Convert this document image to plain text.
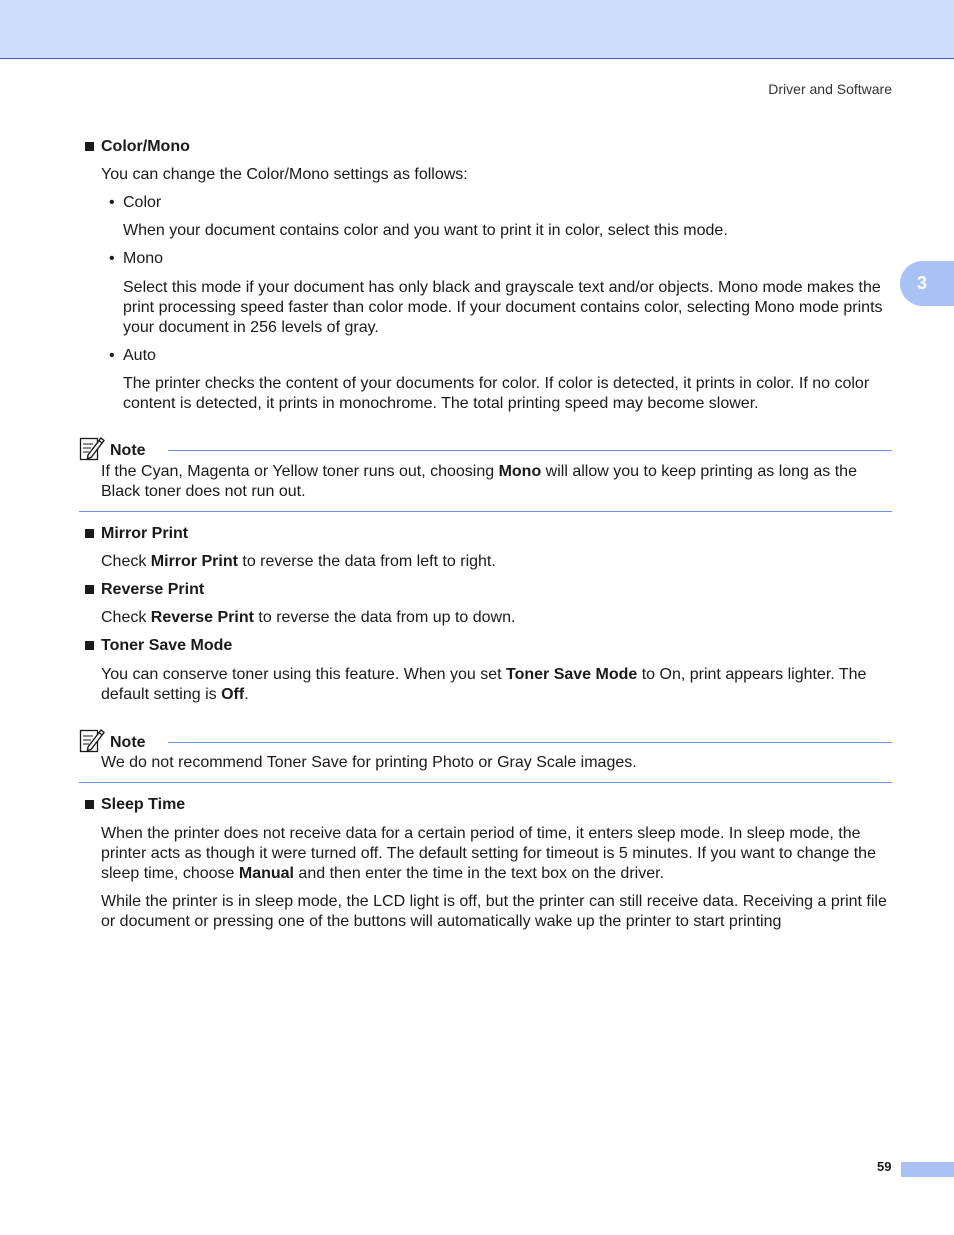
Driver and Software
3
Color/Mono

You can change the Color/Mono settings as follows:

• Color

When your document contains color and you want to print it in color, select this mode.

• Mono

Select this mode if your document has only black and grayscale text and/or objects. Mono mode makes the print processing speed faster than color mode. If your document contains color, selecting Mono mode prints your document in 256 levels of gray.

• Auto

The printer checks the content of your documents for color. If color is detected, it prints in color. If no color content is detected, it prints in monochrome. The total printing speed may become slower.

Note

If the Cyan, Magenta or Yellow toner runs out, choosing Mono will allow you to keep printing as long as the Black toner does not run out.

Mirror Print

Check Mirror Print to reverse the data from left to right.

Reverse Print

Check Reverse Print to reverse the data from up to down.

Toner Save Mode

You can conserve toner using this feature. When you set Toner Save Mode to On, print appears lighter. The default setting is Off.

Note

We do not recommend Toner Save for printing Photo or Gray Scale images.

Sleep Time

When the printer does not receive data for a certain period of time, it enters sleep mode. In sleep mode, the printer acts as though it were turned off. The default setting for timeout is 5 minutes. If you want to change the sleep time, choose Manual and then enter the time in the text box on the driver.

While the printer is in sleep mode, the LCD light is off, but the printer can still receive data. Receiving a print file or document or pressing one of the buttons will automatically wake up the printer to start printing

59
